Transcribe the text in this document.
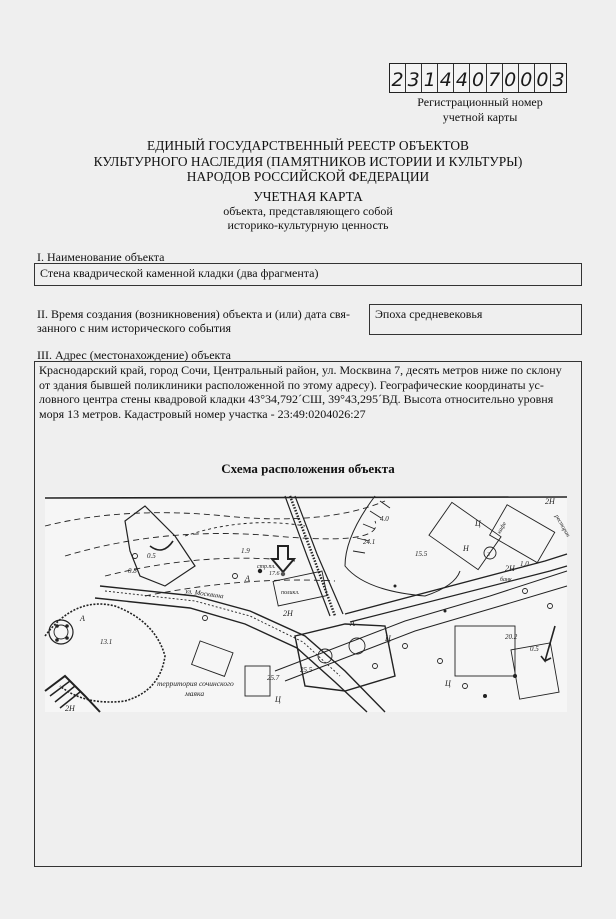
2 3 1 4 4 0 7 0 0 0 3
Регистрационный номер
учетной карты
ЕДИНЫЙ ГОСУДАРСТВЕННЫЙ РЕЕСТР ОБЪЕКТОВ
КУЛЬТУРНОГО НАСЛЕДИЯ (ПАМЯТНИКОВ ИСТОРИИ И КУЛЬТУРЫ)
НАРОДОВ РОССИЙСКОЙ ФЕДЕРАЦИИ
УЧЕТНАЯ КАРТА
объекта, представляющего собой
историко-культурную ценность
I. Наименование объекта
Стена квадрической каменной кладки (два фрагмента)
II. Время создания (возникновения) объекта и (или) дата свя-
занного с ним исторического события
Эпоха средневековья
III. Адрес (местонахождение) объекта
Краснодарский край, город Сочи, Центральный район, ул. Москвина 7, десять метров ниже по склону
от здания бывшей поликлиники расположенной по этому адресу). Географические координаты ус-
ловного центра стены квадровой кладки 43°34,792´СШ, 39°43,295´ВД. Высота относительно уровня
моря 13 метров. Кадастровый номер участка - 23:49:0204026:27
Схема расположения объекта
ул. Москвина
территория сочинского
маяка
банк
ресторан
кафе
поликл.
стр.пл.
0.5
0.8
1.9
17.6
4.0
24.1
13.1
25.5
25.7
20.2
15.5
1.0
0.5
2Н
2Н
2Н
2Н
Ц
Ц
Ц
Ц
Н
А
А
А
3
